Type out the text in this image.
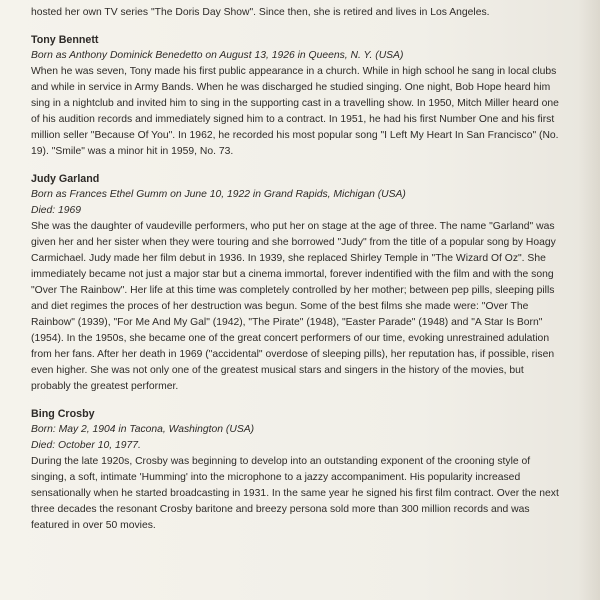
hosted her own TV series "The Doris Day Show". Since then, she is retired and lives in Los Angeles.

Tony Bennett

Born as Anthony Dominick Benedetto on August 13, 1926 in Queens, N. Y. (USA)

When he was seven, Tony made his first public appearance in a church. While in high school he sang in local clubs and while in service in Army Bands. When he was discharged he studied singing. One night, Bob Hope heard him sing in a nightclub and invited him to sing in the supporting cast in a travelling show. In 1950, Mitch Miller heard one of his audition records and immediately signed him to a contract. In 1951, he had his first Number One and his first million seller "Because Of You". In 1962, he recorded his most popular song "I Left My Heart In San Francisco" (No. 19). "Smile" was a minor hit in 1959, No. 73.

Judy Garland

Born as Frances Ethel Gumm on June 10, 1922 in Grand Rapids, Michigan (USA)

Died: 1969

She was the daughter of vaudeville performers, who put her on stage at the age of three. The name "Garland" was given her and her sister when they were touring and she borrowed "Judy" from the title of a popular song by Hoagy Carmichael. Judy made her film debut in 1936. In 1939, she replaced Shirley Temple in "The Wizard Of Oz". She immediately became not just a major star but a cinema immortal, forever indentified with the film and with the song "Over The Rainbow". Her life at this time was completely controlled by her mother; between pep pills, sleeping pills and diet regimes the proces of her destruction was begun. Some of the best films she made were: "Over The Rainbow" (1939), "For Me And My Gal" (1942), "The Pirate" (1948), "Easter Parade" (1948) and "A Star Is Born" (1954). In the 1950s, she became one of the great concert performers of our time, evoking unrestrained adulation from her fans. After her death in 1969 ("accidental" overdose of sleeping pills), her reputation has, if possible, risen even higher. She was not only one of the greatest musical stars and singers in the history of the movies, but probably the greatest performer.

Bing Crosby

Born: May 2, 1904 in Tacona, Washington (USA)

Died: October 10, 1977.

During the late 1920s, Crosby was beginning to develop into an outstanding exponent of the crooning style of singing, a soft, intimate 'Humming' into the microphone to a jazzy accompaniment. His popularity increased sensationally when he started broadcasting in 1931. In the same year he signed his first film contract. Over the next three decades the resonant Crosby baritone and breezy persona sold more than 300 million records and was featured in over 50 movies.
